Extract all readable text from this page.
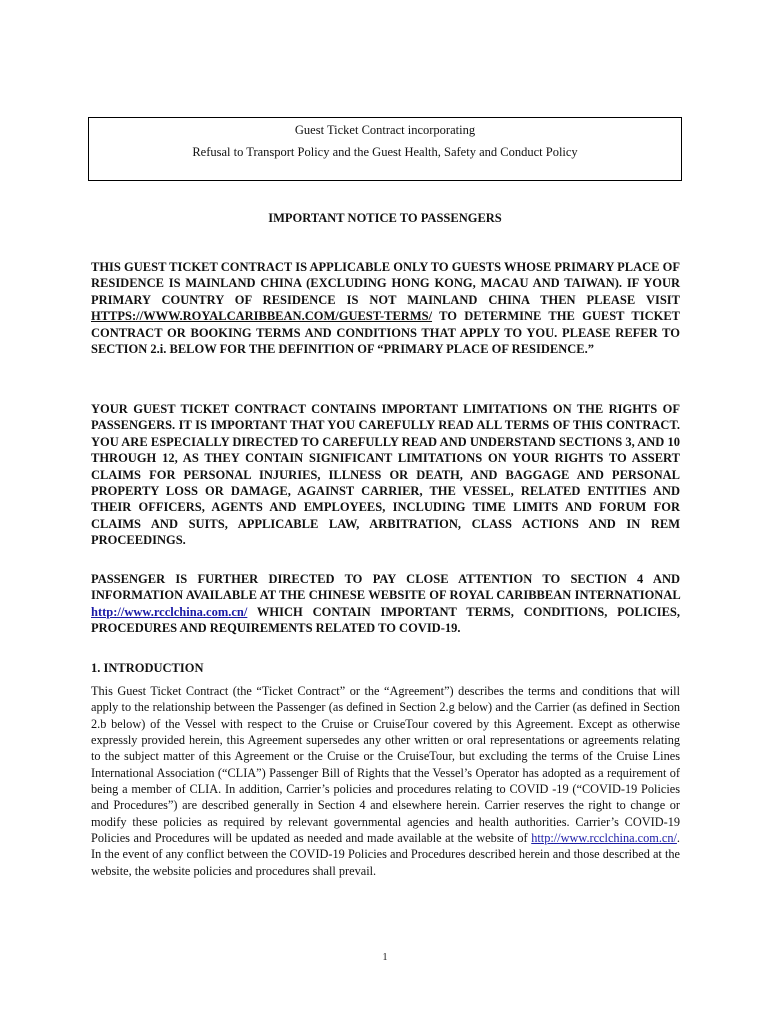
Guest Ticket Contract incorporating
Refusal to Transport Policy and the Guest Health, Safety and Conduct Policy
IMPORTANT NOTICE TO PASSENGERS
THIS GUEST TICKET CONTRACT IS APPLICABLE ONLY TO GUESTS WHOSE PRIMARY PLACE OF RESIDENCE IS MAINLAND CHINA (EXCLUDING HONG KONG, MACAU AND TAIWAN). IF YOUR PRIMARY COUNTRY OF RESIDENCE IS NOT MAINLAND CHINA THEN PLEASE VISIT HTTPS://WWW.ROYALCARIBBEAN.COM/GUEST-TERMS/ TO DETERMINE THE GUEST TICKET CONTRACT OR BOOKING TERMS AND CONDITIONS THAT APPLY TO YOU. PLEASE REFER TO SECTION 2.i. BELOW FOR THE DEFINITION OF “PRIMARY PLACE OF RESIDENCE.”
YOUR GUEST TICKET CONTRACT CONTAINS IMPORTANT LIMITATIONS ON THE RIGHTS OF PASSENGERS. IT IS IMPORTANT THAT YOU CAREFULLY READ ALL TERMS OF THIS CONTRACT. YOU ARE ESPECIALLY DIRECTED TO CAREFULLY READ AND UNDERSTAND SECTIONS 3, AND 10 THROUGH 12, AS THEY CONTAIN SIGNIFICANT LIMITATIONS ON YOUR RIGHTS TO ASSERT CLAIMS FOR PERSONAL INJURIES, ILLNESS OR DEATH, AND BAGGAGE AND PERSONAL PROPERTY LOSS OR DAMAGE, AGAINST CARRIER, THE VESSEL, RELATED ENTITIES AND THEIR OFFICERS, AGENTS AND EMPLOYEES, INCLUDING TIME LIMITS AND FORUM FOR CLAIMS AND SUITS, APPLICABLE LAW, ARBITRATION, CLASS ACTIONS AND IN REM PROCEEDINGS.
PASSENGER IS FURTHER DIRECTED TO PAY CLOSE ATTENTION TO SECTION 4 AND INFORMATION AVAILABLE AT THE CHINESE WEBSITE OF ROYAL CARIBBEAN INTERNATIONAL http://www.rcclchina.com.cn/ WHICH CONTAIN IMPORTANT TERMS, CONDITIONS, POLICIES, PROCEDURES AND REQUIREMENTS RELATED TO COVID-19.
1. INTRODUCTION
This Guest Ticket Contract (the “Ticket Contract” or the “Agreement”) describes the terms and conditions that will apply to the relationship between the Passenger (as defined in Section 2.g below) and the Carrier (as defined in Section 2.b below) of the Vessel with respect to the Cruise or CruiseTour covered by this Agreement. Except as otherwise expressly provided herein, this Agreement supersedes any other written or oral representations or agreements relating to the subject matter of this Agreement or the Cruise or the CruiseTour, but excluding the terms of the Cruise Lines International Association (“CLIA”) Passenger Bill of Rights that the Vessel’s Operator has adopted as a requirement of being a member of CLIA. In addition, Carrier’s policies and procedures relating to COVID -19 (“COVID-19 Policies and Procedures”) are described generally in Section 4 and elsewhere herein. Carrier reserves the right to change or modify these policies as required by relevant governmental agencies and health authorities. Carrier’s COVID-19 Policies and Procedures will be updated as needed and made available at the website of http://www.rcclchina.com.cn/. In the event of any conflict between the COVID-19 Policies and Procedures described herein and those described at the website, the website policies and procedures shall prevail.
1
